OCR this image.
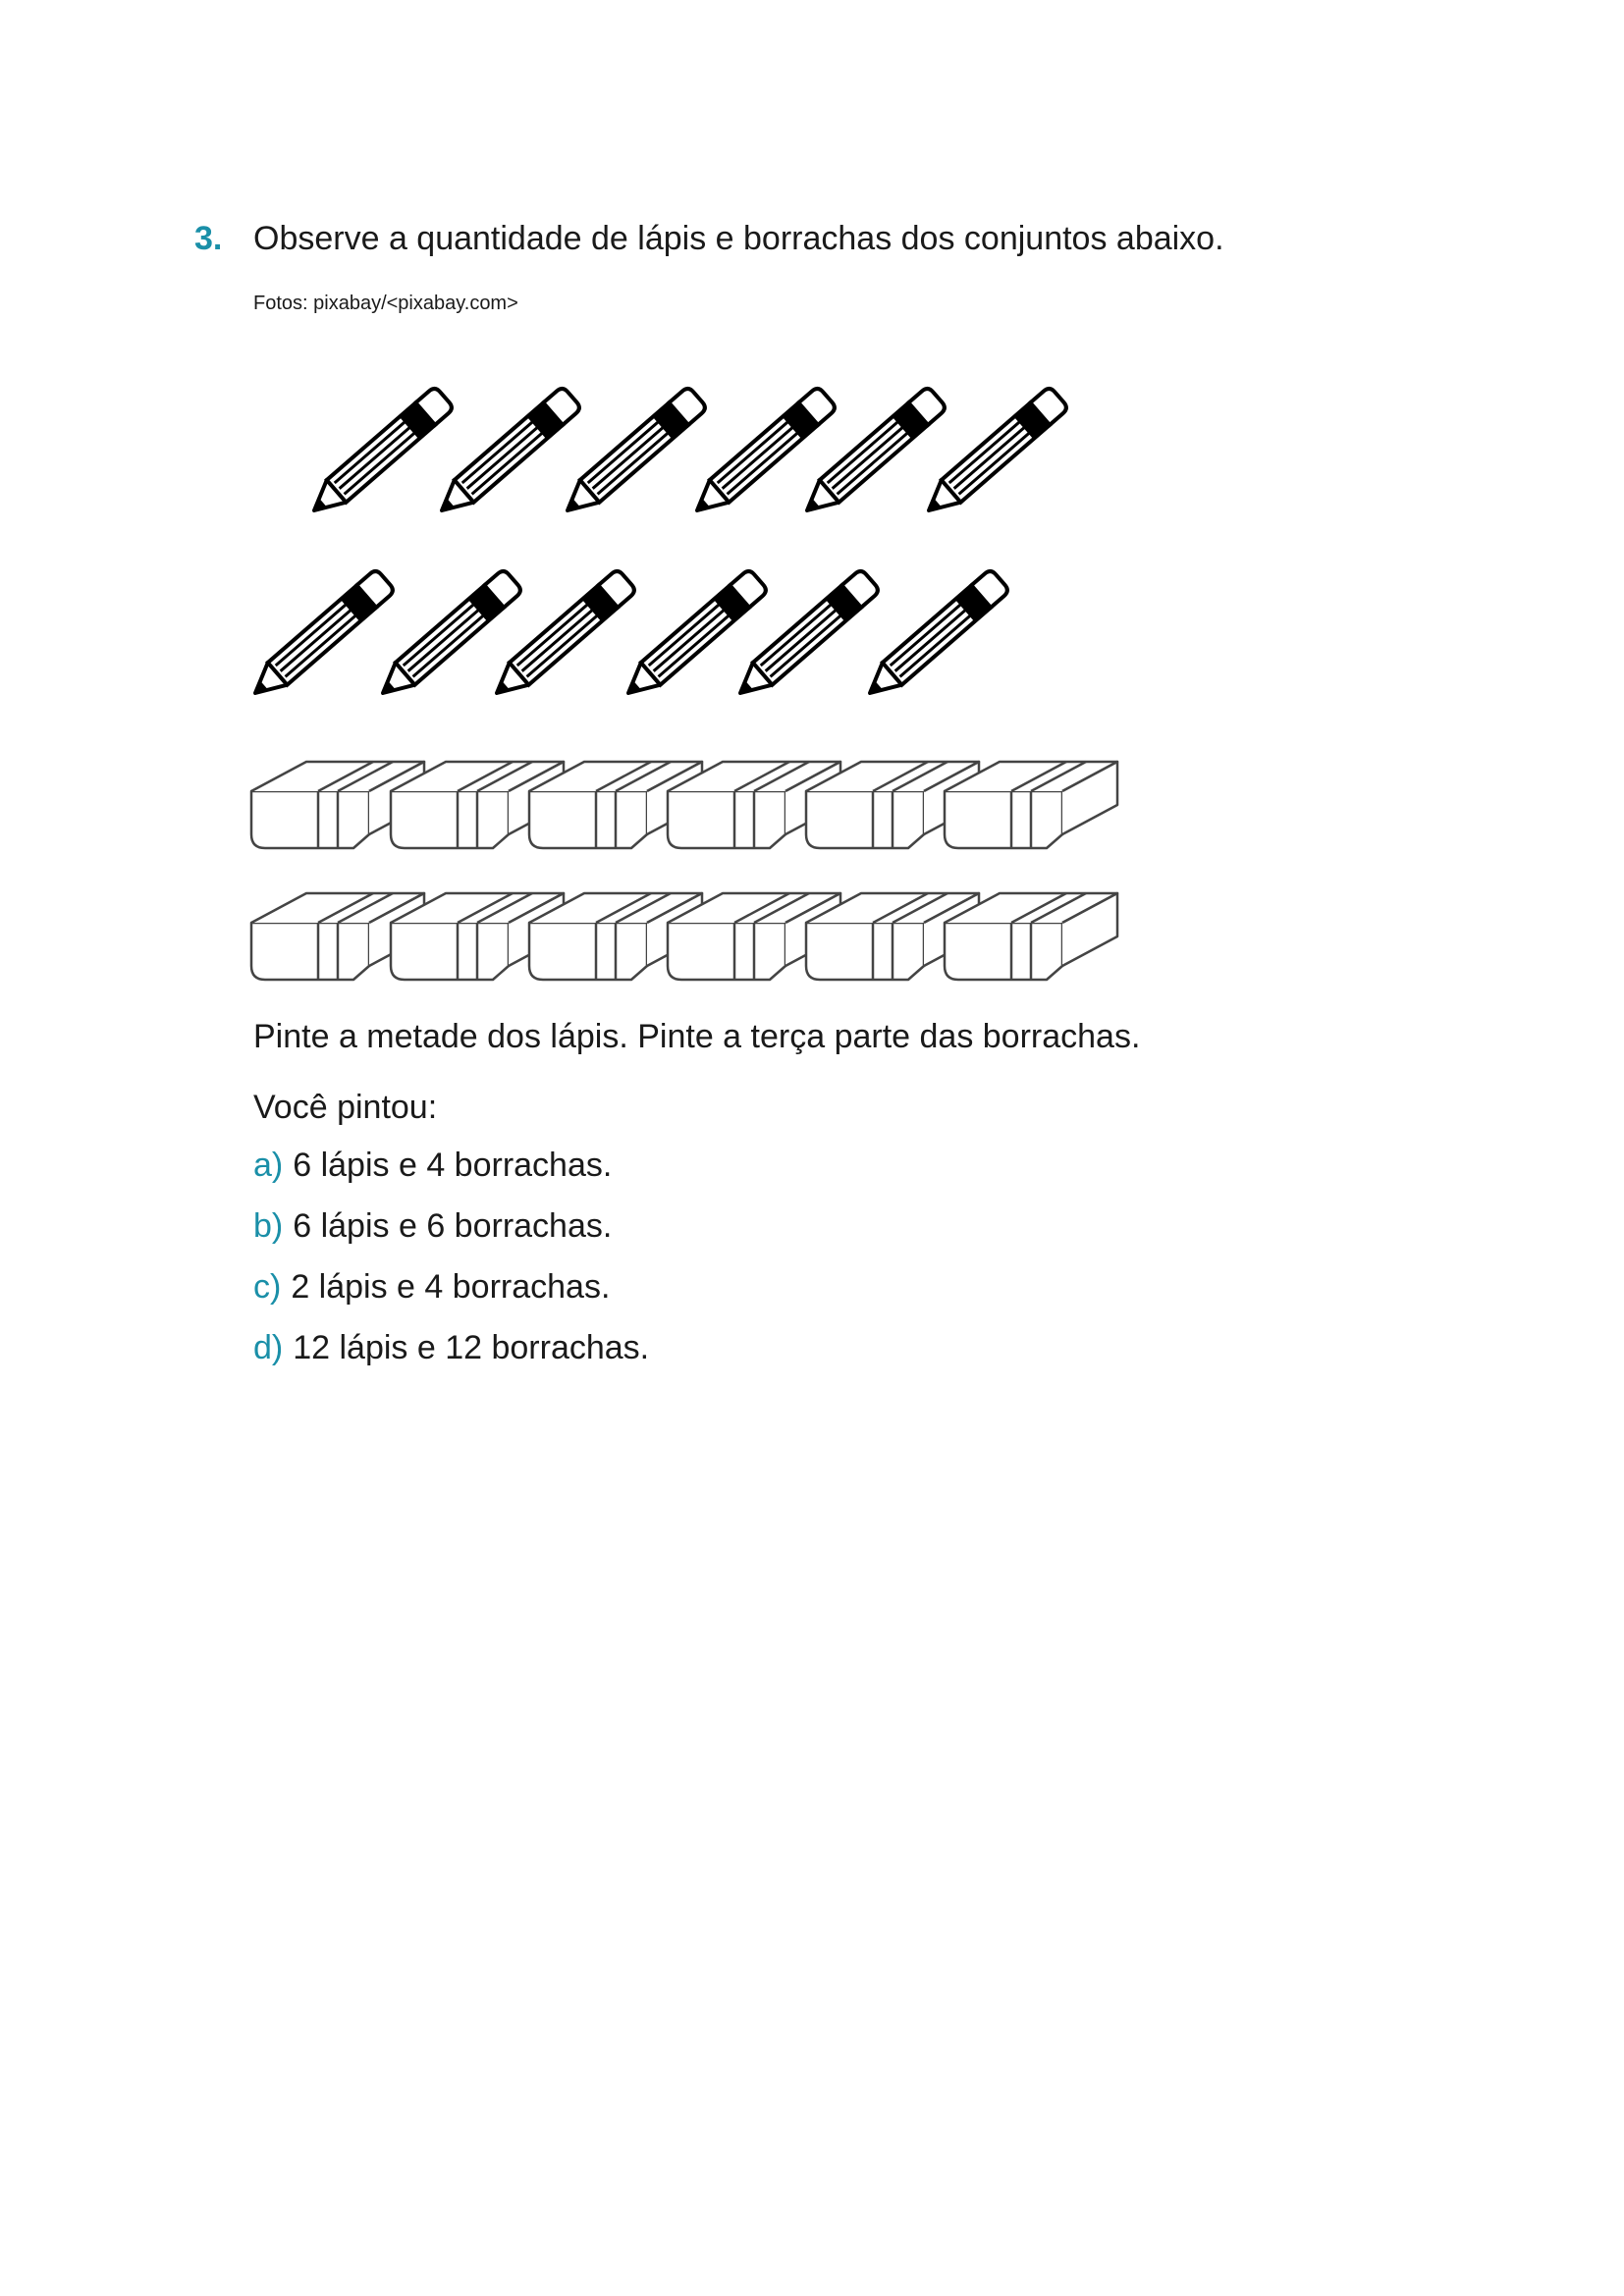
3. Observe a quantidade de lápis e borrachas dos conjuntos abaixo.
Fotos: pixabay/<pixabay.com>
Pinte a metade dos lápis. Pinte a terça parte das borrachas.
Você pintou:
a) 6 lápis e 4 borrachas.
b) 6 lápis e 6 borrachas.
c) 2 lápis e 4 borrachas.
d) 12 lápis e 12 borrachas.
